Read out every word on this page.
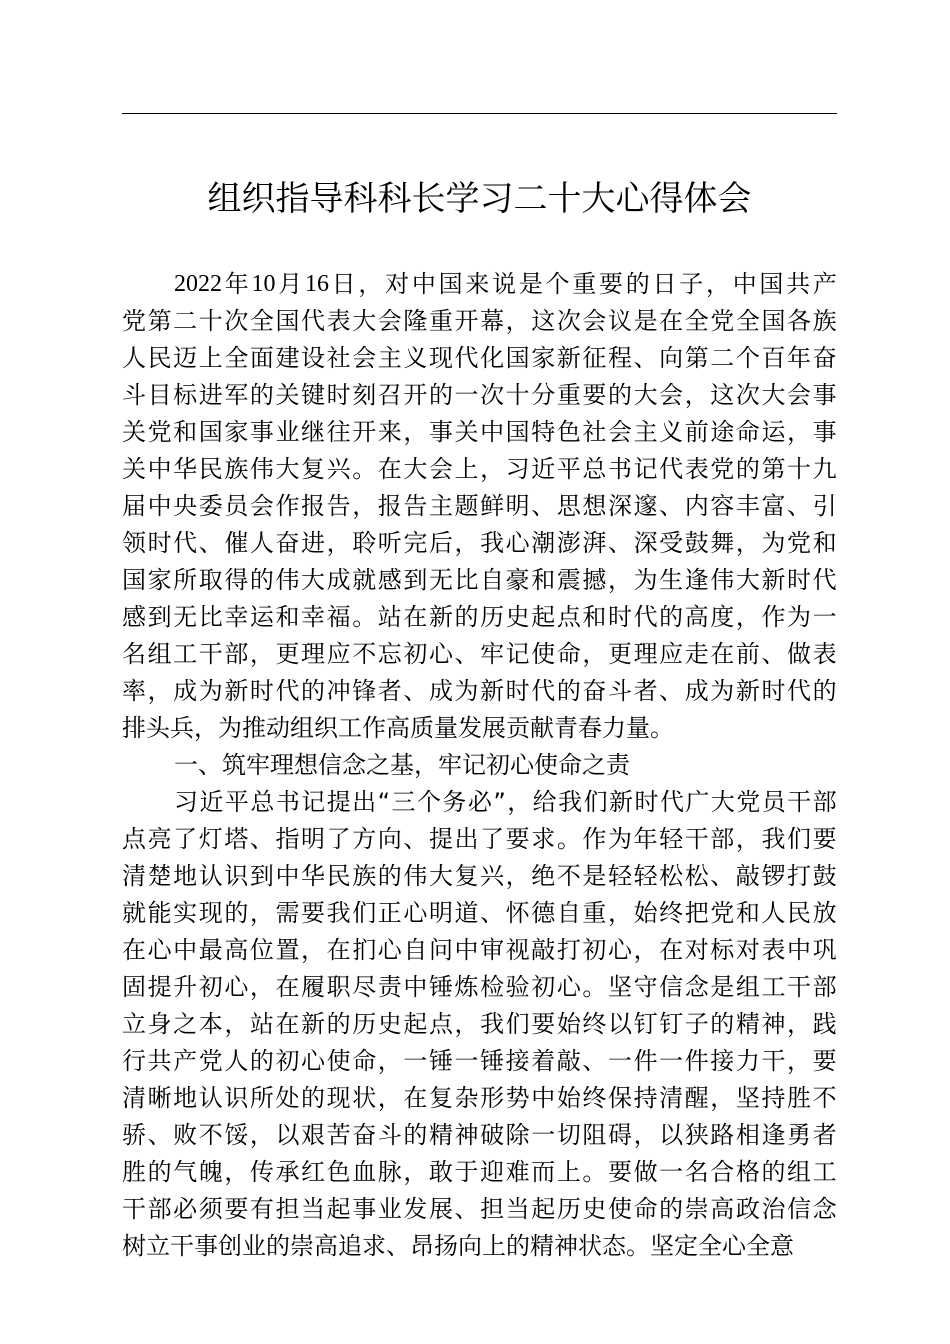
组织指导科科长学习二十大心得体会
2022 年 10 月 16 日 ， 对 中 国 来 说 是 个 重 要 的 日 子 ， 中 国 共 产
党 第 二 十 次 全 国 代 表 大 会 隆 重 开 幕 ， 这 次 会 议 是 在 全 党 全 国 各 族
人 民 迈 上 全 面 建 设 社 会 主 义 现 代 化 国 家 新 征 程 、 向 第 二 个 百 年 奋
斗 目 标 进 军 的 关 键 时 刻 召 开 的 一 次 十 分 重 要 的 大 会 ， 这 次 大 会 事
关 党 和 国 家 事 业 继 往 开 来 ， 事 关 中 国 特 色 社 会 主 义 前 途 命 运 ， 事
关 中 华 民 族 伟 大 复 兴 。 在 大 会 上 ， 习 近 平 总 书 记 代 表 党 的 第 十 九
届 中 央 委 员 会 作 报 告 ， 报 告 主 题 鲜 明 、 思 想 深 邃 、 内 容 丰 富 、 引
领 时 代 、 催 人 奋 进 ， 聆 听 完 后 ， 我 心 潮 澎 湃 、 深 受 鼓 舞 ， 为 党 和
国 家 所 取 得 的 伟 大 成 就 感 到 无 比 自 豪 和 震 撼 ， 为 生 逢 伟 大 新 时 代
感 到 无 比 幸 运 和 幸 福 。 站 在 新 的 历 史 起 点 和 时 代 的 高 度 ， 作 为 一
名 组 工 干 部 ， 更 理 应 不 忘 初 心 、 牢 记 使 命 ， 更 理 应 走 在 前 、 做 表
率 ， 成 为 新 时 代 的 冲 锋 者 、 成 为 新 时 代 的 奋 斗 者 、 成 为 新 时 代 的
排 头 兵 ， 为 推 动 组 织 工 作 高 质 量 发 展 贡 献 青 春 力 量 。
一 、 筑 牢 理 想 信 念 之 基 ， 牢 记 初 心 使 命 之 责
习 近 平 总 书 记 提 出 “ 三 个 务 必 ” ， 给 我 们 新 时 代 广 大 党 员 干 部
点 亮 了 灯 塔 、 指 明 了 方 向 、 提 出 了 要 求 。 作 为 年 轻 干 部 ， 我 们 要
清 楚 地 认 识 到 中 华 民 族 的 伟 大 复 兴 ， 绝 不 是 轻 轻 松 松 、 敲 锣 打 鼓
就 能 实 现 的 ， 需 要 我 们 正 心 明 道 、 怀 德 自 重 ， 始 终 把 党 和 人 民 放
在 心 中 最 高 位 置 ， 在 扪 心 自 问 中 审 视 敲 打 初 心 ， 在 对 标 对 表 中 巩
固 提 升 初 心 ， 在 履 职 尽 责 中 锤 炼 检 验 初 心 。 坚 守 信 念 是 组 工 干 部
立 身 之 本 ， 站 在 新 的 历 史 起 点 ， 我 们 要 始 终 以 钉 钉 子 的 精 神 ， 践
行 共 产 党 人 的 初 心 使 命 ， 一 锤 一 锤 接 着 敲 、 一 件 一 件 接 力 干 ， 要
清 晰 地 认 识 所 处 的 现 状 ， 在 复 杂 形 势 中 始 终 保 持 清 醒 ， 坚 持 胜 不
骄 、 败 不 馁 ， 以 艰 苦 奋 斗 的 精 神 破 除 一 切 阻 碍 ， 以 狭 路 相 逢 勇 者
胜 的 气 魄 ， 传 承 红 色 血 脉 ， 敢 于 迎 难 而 上 。 要 做 一 名 合 格 的 组 工
干 部 必 须 要 有 担 当 起 事 业 发 展 、 担 当 起 历 史 使 命 的 崇 高 政 治 信 念
树 立 干 事 创 业 的 崇 高 追 求 、 昂 扬 向 上 的 精 神 状 态 。 坚 定 全 心 全 意
